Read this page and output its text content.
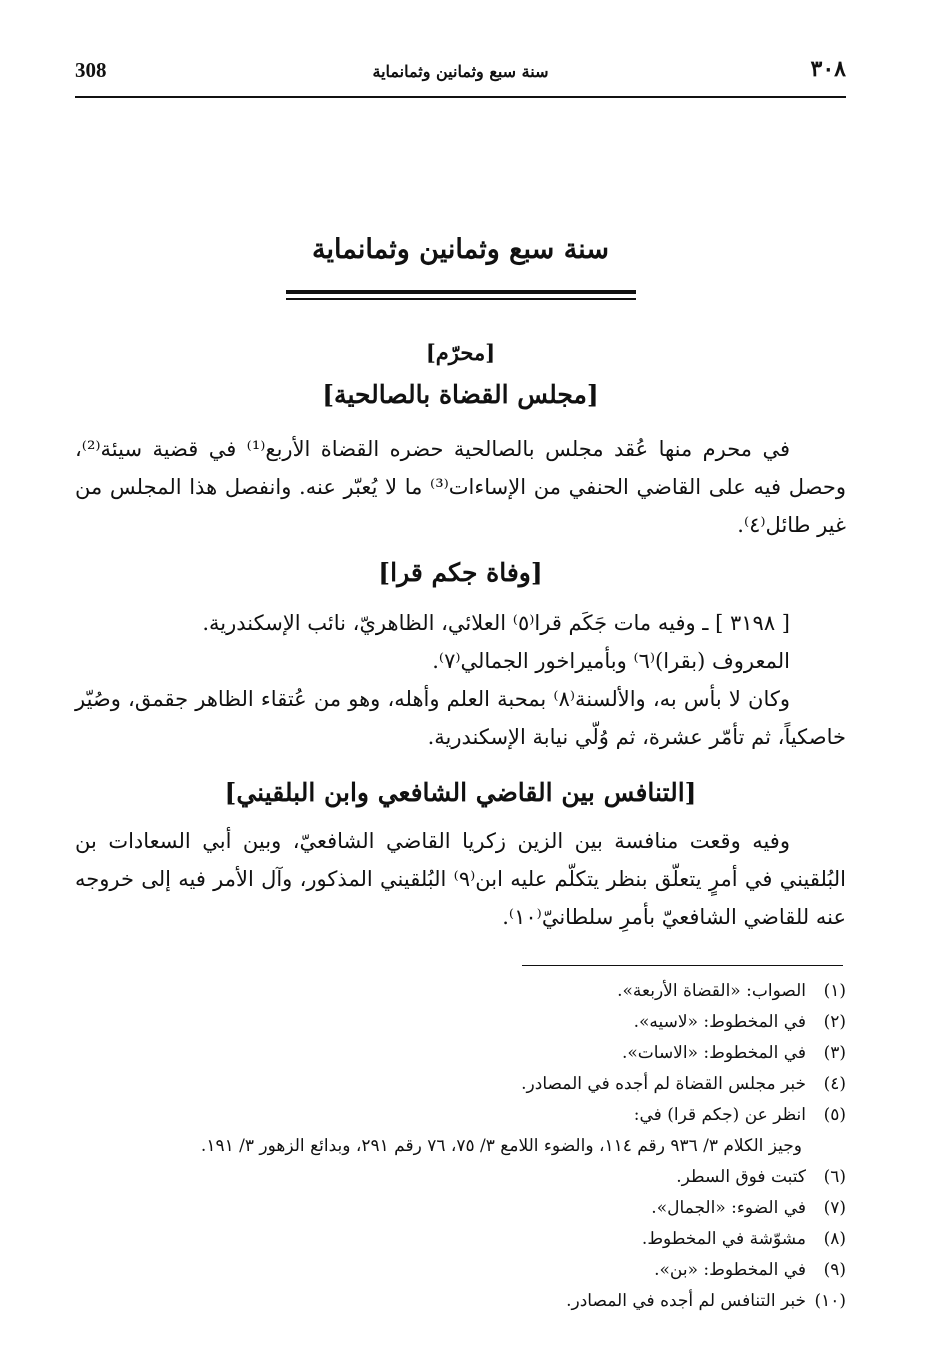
308	سنة سبع وثمانين وثمانماية	٣٠٨
سنة سبع وثمانين وثمانماية
[محرّم]
[مجلس القضاة بالصالحية]
في محرم منها عُقد مجلس بالصالحية حضره القضاة الأربع⁽¹⁾ في قضية سيئة⁽²⁾، وحصل فيه على القاضي الحنفي من الإساءات⁽³⁾ ما لا يُعبّر عنه. وانفصل هذا المجلس من غير طائل⁽٤⁾.
[وفاة جكم قرا]
[ ٣١٩٨ ] ـ وفيه مات جَكَم قرا⁽٥⁾ العلائي، الظاهريّ، نائب الإسكندرية.
المعروف (بقرا)⁽٦⁾ وبأميراخور الجمالي⁽٧⁾.
وكان لا بأس به، والألسنة⁽٨⁾ بمحبة العلم وأهله، وهو من عُتقاء الظاهر جقمق، وصُيّر خاصكياً، ثم تأمّر عشرة، ثم وُلّي نيابة الإسكندرية.
[التنافس بين القاضي الشافعي وابن البلقيني]
وفيه وقعت منافسة بين الزين زكريا القاضي الشافعيّ، وبين أبي السعادات بن البُلقيني في أمرٍ يتعلّق بنظر يتكلّم عليه ابن⁽٩⁾ البُلقيني المذكور، وآل الأمر فيه إلى خروجه عنه للقاضي الشافعيّ بأمرِ سلطانيّ⁽١٠⁾.
(١)الصواب: «القضاة الأربعة».
(٢)في المخطوط: «لاسيه».
(٣)في المخطوط: «الاسات».
(٤)خبر مجلس القضاة لم أجده في المصادر.
(٥)انظر عن (جكم قرا) في:
وجيز الكلام ٣/ ٩٣٦ رقم ١١٤، والضوء اللامع ٣/ ٧٥، ٧٦ رقم ٢٩١، وبدائع الزهور ٣/ ١٩١.
(٦)كتبت فوق السطر.
(٧)في الضوء: «الجمال».
(٨)مشوّشة في المخطوط.
(٩)في المخطوط: «بن».
(١٠)خبر التنافس لم أجده في المصادر.
